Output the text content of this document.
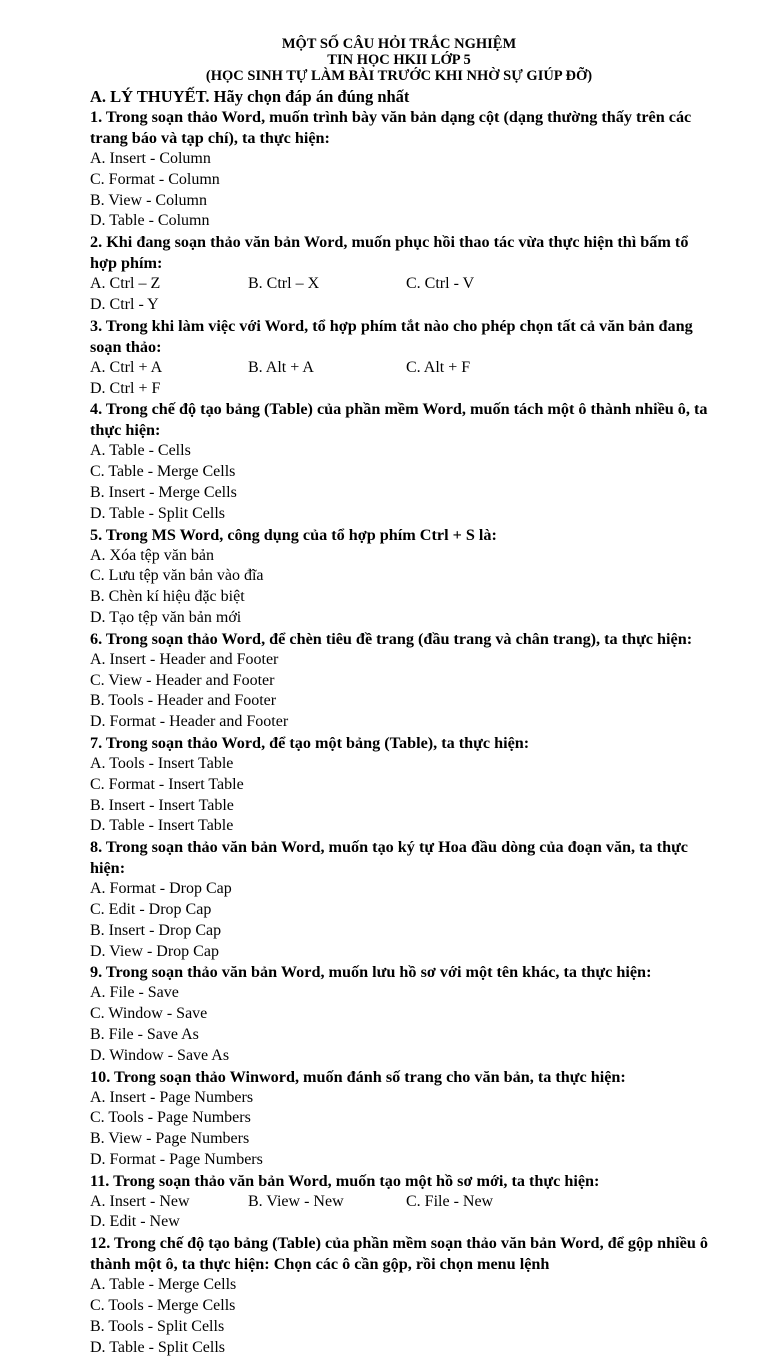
MỘT SỐ CÂU HỎI TRẮC NGHIỆM
TIN HỌC HKII LỚP 5
(HỌC SINH TỰ LÀM BÀI TRƯỚC KHI NHỜ SỰ GIÚP ĐỠ)
A. LÝ THUYẾT. Hãy chọn đáp án đúng nhất
1. Trong soạn thảo Word, muốn trình bày văn bản dạng cột (dạng thường thấy trên các trang báo và tạp chí), ta thực hiện:
A. Insert - Column
C. Format - Column
B. View - Column
D. Table - Column
2. Khi đang soạn thảo văn bản Word, muốn phục hồi thao tác vừa thực hiện thì bấm tổ hợp phím:
A. Ctrl – Z	B. Ctrl – X	C. Ctrl - V
D. Ctrl - Y
3. Trong khi làm việc với Word, tổ hợp phím tắt nào cho phép chọn tất cả văn bản đang soạn thảo:
A. Ctrl + A	B. Alt + A	C. Alt + F
D. Ctrl + F
4. Trong chế độ tạo bảng (Table) của phần mềm Word, muốn tách một ô thành nhiều ô, ta thực hiện:
A. Table - Cells
C. Table - Merge Cells
B. Insert - Merge Cells
D. Table - Split Cells
5. Trong MS Word, công dụng của tổ hợp phím Ctrl + S là:
A. Xóa tệp văn bản
C. Lưu tệp văn bản vào đĩa
B. Chèn kí hiệu đặc biệt
D. Tạo tệp văn bản mới
6. Trong soạn thảo Word, để chèn tiêu đề trang (đầu trang và chân trang), ta thực hiện:
A. Insert - Header and Footer
C. View - Header and Footer
B. Tools - Header and Footer
D. Format - Header and Footer
7. Trong soạn thảo Word, để tạo một bảng (Table), ta thực hiện:
A. Tools - Insert Table
C. Format - Insert Table
B. Insert - Insert Table
D. Table - Insert Table
8. Trong soạn thảo văn bản Word, muốn tạo ký tự Hoa đầu dòng của đoạn văn, ta thực hiện:
A. Format - Drop Cap
C. Edit - Drop Cap
B. Insert - Drop Cap
D. View - Drop Cap
9. Trong soạn thảo văn bản Word, muốn lưu hồ sơ với một tên khác, ta thực hiện:
A. File - Save
C. Window - Save
B. File - Save As
D. Window - Save As
10. Trong soạn thảo Winword, muốn đánh số trang cho văn bản, ta thực hiện:
A. Insert - Page Numbers
C. Tools - Page Numbers
B. View - Page Numbers
D. Format - Page Numbers
11. Trong soạn thảo văn bản Word, muốn tạo một hồ sơ mới, ta thực hiện:
A. Insert - New	B. View - New	C. File - New
D. Edit - New
12. Trong chế độ tạo bảng (Table) của phần mềm soạn thảo văn bản Word, để gộp nhiều ô thành một ô, ta thực hiện: Chọn các ô cần gộp, rồi chọn menu lệnh
A. Table - Merge Cells
C. Tools - Merge Cells
B. Tools - Split Cells
D. Table - Split Cells
